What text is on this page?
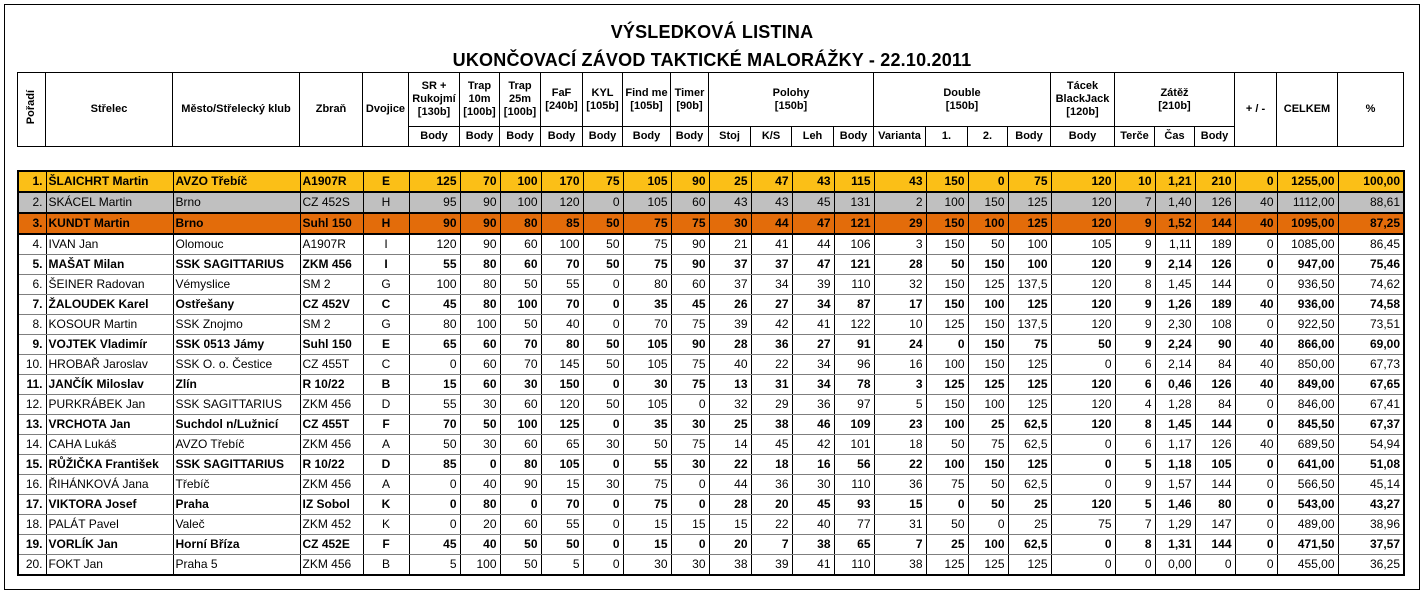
VÝSLEDKOVÁ LISTINA
UKONČOVACÍ ZÁVOD TAKTICKÉ MALORÁŽKY - 22.10.2011
Pořadí	Střelec	Město/Střelecký klub	Zbraň	Dvojice	SR + Rukojmí [130b]	Trap 10m [100b]	Trap 25m [100b]	FaF [240b]	KYL [105b]	Find me [105b]	Timer [90b]	Polohy [150b]				Double [150b]				Tácek BlackJack [120b]	Zátěž [210b]			+ / -	CELKEM	%
					Body	Body	Body	Body	Body	Body	Body	Stoj	K/S	Leh	Body	Varianta	1.	2.	Body	Body	Terče	Čas	Body			
1.	ŠLAICHRT Martin	AVZO Třebíč	A1907R	E	125	70	100	170	75	105	90	25	47	43	115	43	150	0	75	120	10	1,21	210	0	1255,00	100,00
2.	SKÁCEL Martin	Brno	CZ 452S	H	95	90	100	120	0	105	60	43	43	45	131	2	100	150	125	120	7	1,40	126	40	1112,00	88,61
3.	KUNDT Martin	Brno	Suhl 150	H	90	90	80	85	50	75	75	30	44	47	121	29	150	100	125	120	9	1,52	144	40	1095,00	87,25
4.	IVAN Jan	Olomouc	A1907R	I	120	90	60	100	50	75	90	21	41	44	106	3	150	50	100	105	9	1,11	189	0	1085,00	86,45
5.	MAŠAT Milan	SSK SAGITTARIUS	ZKM 456	I	55	80	60	70	50	75	90	37	37	47	121	28	50	150	100	120	9	2,14	126	0	947,00	75,46
6.	ŠEINER Radovan	Vémyslice	SM 2	G	100	80	50	55	0	80	60	37	34	39	110	32	150	125	137,5	120	8	1,45	144	0	936,50	74,62
7.	ŽALOUDEK Karel	Ostřešany	CZ 452V	C	45	80	100	70	0	35	45	26	27	34	87	17	150	100	125	120	9	1,26	189	40	936,00	74,58
8.	KOSOUR Martin	SSK Znojmo	SM 2	G	80	100	50	40	0	70	75	39	42	41	122	10	125	150	137,5	120	9	2,30	108	0	922,50	73,51
9.	VOJTEK Vladimír	SSK 0513 Jámy	Suhl 150	E	65	60	70	80	50	105	90	28	36	27	91	24	0	150	75	50	9	2,24	90	40	866,00	69,00
10.	HROBAŘ Jaroslav	SSK O. o. Čestice	CZ 455T	C	0	60	70	145	50	105	75	40	22	34	96	16	100	150	125	0	6	2,14	84	40	850,00	67,73
11.	JANČÍK Miloslav	Zlín	R 10/22	B	15	60	30	150	0	30	75	13	31	34	78	3	125	125	125	120	6	0,46	126	40	849,00	67,65
12.	PURKRÁBEK Jan	SSK SAGITTARIUS	ZKM 456	D	55	30	60	120	50	105	0	32	29	36	97	5	150	100	125	120	4	1,28	84	0	846,00	67,41
13.	VRCHOTA Jan	Suchdol n/Lužnicí	CZ 455T	F	70	50	100	125	0	35	30	25	38	46	109	23	100	25	62,5	120	8	1,45	144	0	845,50	67,37
14.	CAHA Lukáš	AVZO Třebíč	ZKM 456	A	50	30	60	65	30	50	75	14	45	42	101	18	50	75	62,5	0	6	1,17	126	40	689,50	54,94
15.	RŮŽIČKA František	SSK SAGITTARIUS	R 10/22	D	85	0	80	105	0	55	30	22	18	16	56	22	100	150	125	0	5	1,18	105	0	641,00	51,08
16.	ŘIHÁNKOVÁ Jana	Třebíč	ZKM 456	A	0	40	90	15	30	75	0	44	36	30	110	36	75	50	62,5	0	9	1,57	144	0	566,50	45,14
17.	VIKTORA Josef	Praha	IZ Sobol	K	0	80	0	70	0	75	0	28	20	45	93	15	0	50	25	120	5	1,46	80	0	543,00	43,27
18.	PALÁT Pavel	Valeč	ZKM 452	K	0	20	60	55	0	15	15	15	22	40	77	31	50	0	25	75	7	1,29	147	0	489,00	38,96
19.	VORLÍK Jan	Horní Bříza	CZ 452E	F	45	40	50	50	0	15	0	20	7	38	65	7	25	100	62,5	0	8	1,31	144	0	471,50	37,57
20.	FOKT Jan	Praha 5	ZKM 456	B	5	100	50	5	0	30	30	38	39	41	110	38	125	125	125	0	0	0,00	0	0	455,00	36,25
